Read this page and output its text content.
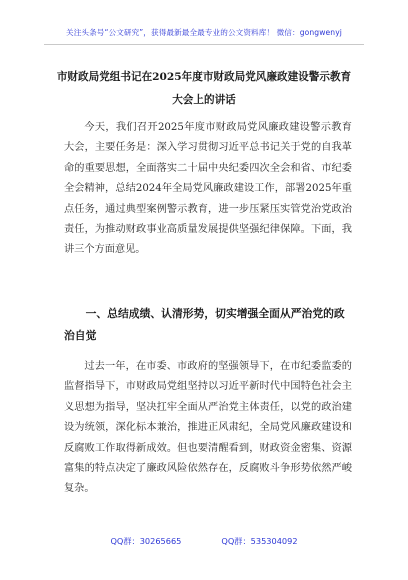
关注头条号“公文研究”，获得最新最全最专业的公文资料库！ 微信：gongwenyj
市财政局党组书记在2025年度市财政局党风廉政建设警示教育大会上的讲话

今天，我们召开2025年度市财政局党风廉政建设警示教育大会，主要任务是：深入学习贯彻习近平总书记关于党的自我革命的重要思想，全面落实二十届中央纪委四次全会和省、市纪委全会精神，总结2024年全局党风廉政建设工作，部署2025年重点任务，通过典型案例警示教育，进一步压紧压实管党治党政治责任，为推动财政事业高质量发展提供坚强纪律保障。下面，我讲三个方面意见。

一、总结成绩、认清形势，切实增强全面从严治党的政治自觉

过去一年，在市委、市政府的坚强领导下，在市纪委监委的监督指导下，市财政局党组坚持以习近平新时代中国特色社会主义思想为指导，坚决扛牢全面从严治党主体责任，以党的政治建设为统领，深化标本兼治，推进正风肃纪，全局党风廉政建设和反腐败工作取得新成效。但也要清醒看到，财政资金密集、资源富集的特点决定了廉政风险依然存在，反腐败斗争形势依然严峻复杂。

QQ群：30265665	QQ群：535304092
